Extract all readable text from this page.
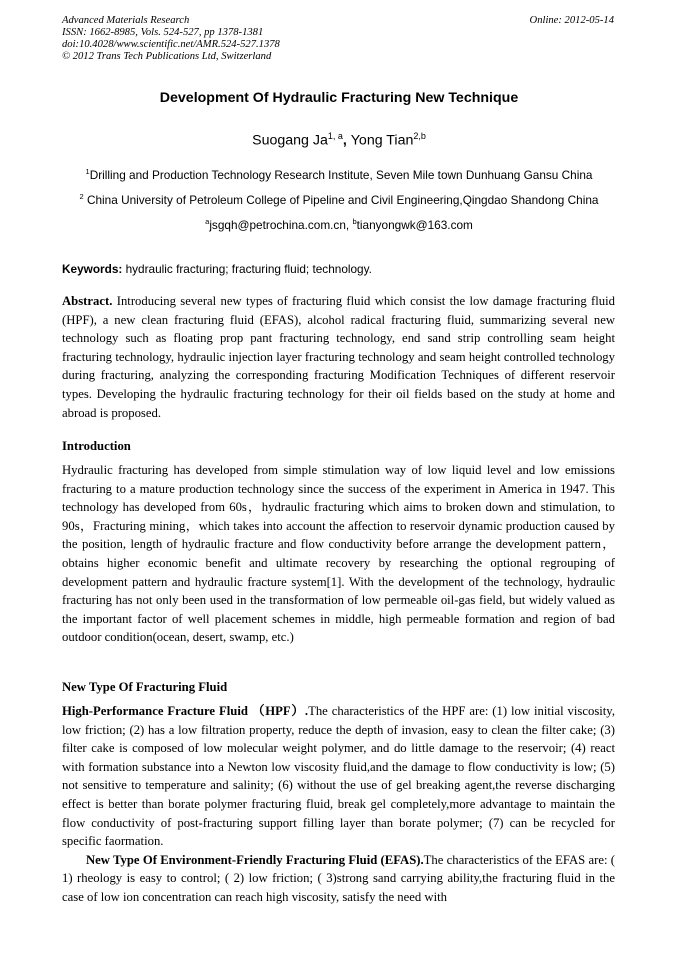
Advanced Materials Research
ISSN: 1662-8985, Vols. 524-527, pp 1378-1381
doi:10.4028/www.scientific.net/AMR.524-527.1378
© 2012 Trans Tech Publications Ltd, Switzerland
Online: 2012-05-14
Development Of Hydraulic Fracturing New Technique
Suogang Ja$^{1, a}$, Yong Tian$^{2,b}$
$^1$Drilling and Production Technology Research Institute, Seven Mile town Dunhuang Gansu China
$^2$ China University of Petroleum College of Pipeline and Civil Engineering,Qingdao Shandong China
$^a$jsgqh@petrochina.com.cn, $^b$tianyongwk@163.com
Keywords: hydraulic fracturing; fracturing fluid; technology.
Abstract. Introducing several new types of fracturing fluid which consist the low damage fracturing fluid (HPF), a new clean fracturing fluid (EFAS), alcohol radical fracturing fluid, summarizing several new technology such as floating prop pant fracturing technology, end sand strip controlling seam height fracturing technology, hydraulic injection layer fracturing technology and seam height controlled technology during fracturing, analyzing the corresponding fracturing Modification Techniques of different reservoir types. Developing the hydraulic fracturing technology for their oil fields based on the study at home and abroad is proposed.
Introduction
Hydraulic fracturing has developed from simple stimulation way of low liquid level and low emissions fracturing to a mature production technology since the success of the experiment in America in 1947. This technology has developed from 60s，hydraulic fracturing which aims to broken down and stimulation, to 90s，Fracturing mining，which takes into account the affection to reservoir dynamic production caused by the position, length of hydraulic fracture and flow conductivity before arrange the development pattern，obtains higher economic benefit and ultimate recovery by researching the optional regrouping of development pattern and hydraulic fracture system[1]. With the development of the technology, hydraulic fracturing has not only been used in the transformation of low permeable oil-gas field, but widely valued as the important factor of well placement schemes in middle, high permeable formation and region of bad outdoor condition(ocean, desert, swamp, etc.)
New Type Of Fracturing Fluid
High-Performance Fracture Fluid （HPF）.The characteristics of the HPF are: (1) low initial viscosity, low friction; (2) has a low filtration property, reduce the depth of invasion, easy to clean the filter cake; (3) filter cake is composed of low molecular weight polymer, and do little damage to the reservoir; (4) react with formation substance into a Newton low viscosity fluid,and the damage to flow conductivity is low; (5) not sensitive to temperature and salinity; (6) without the use of gel breaking agent,the reverse discharging effect is better than borate polymer fracturing fluid, break gel completely,more advantage to maintain the flow conductivity of post-fracturing support filling layer than borate polymer; (7) can be recycled for specific faormation.
New Type Of Environment-Friendly Fracturing Fluid (EFAS).The characteristics of the EFAS are: ( 1) rheology is easy to control; ( 2) low friction; ( 3)strong sand carrying ability,the fracturing fluid in the case of low ion concentration can reach high viscosity, satisfy the need with
